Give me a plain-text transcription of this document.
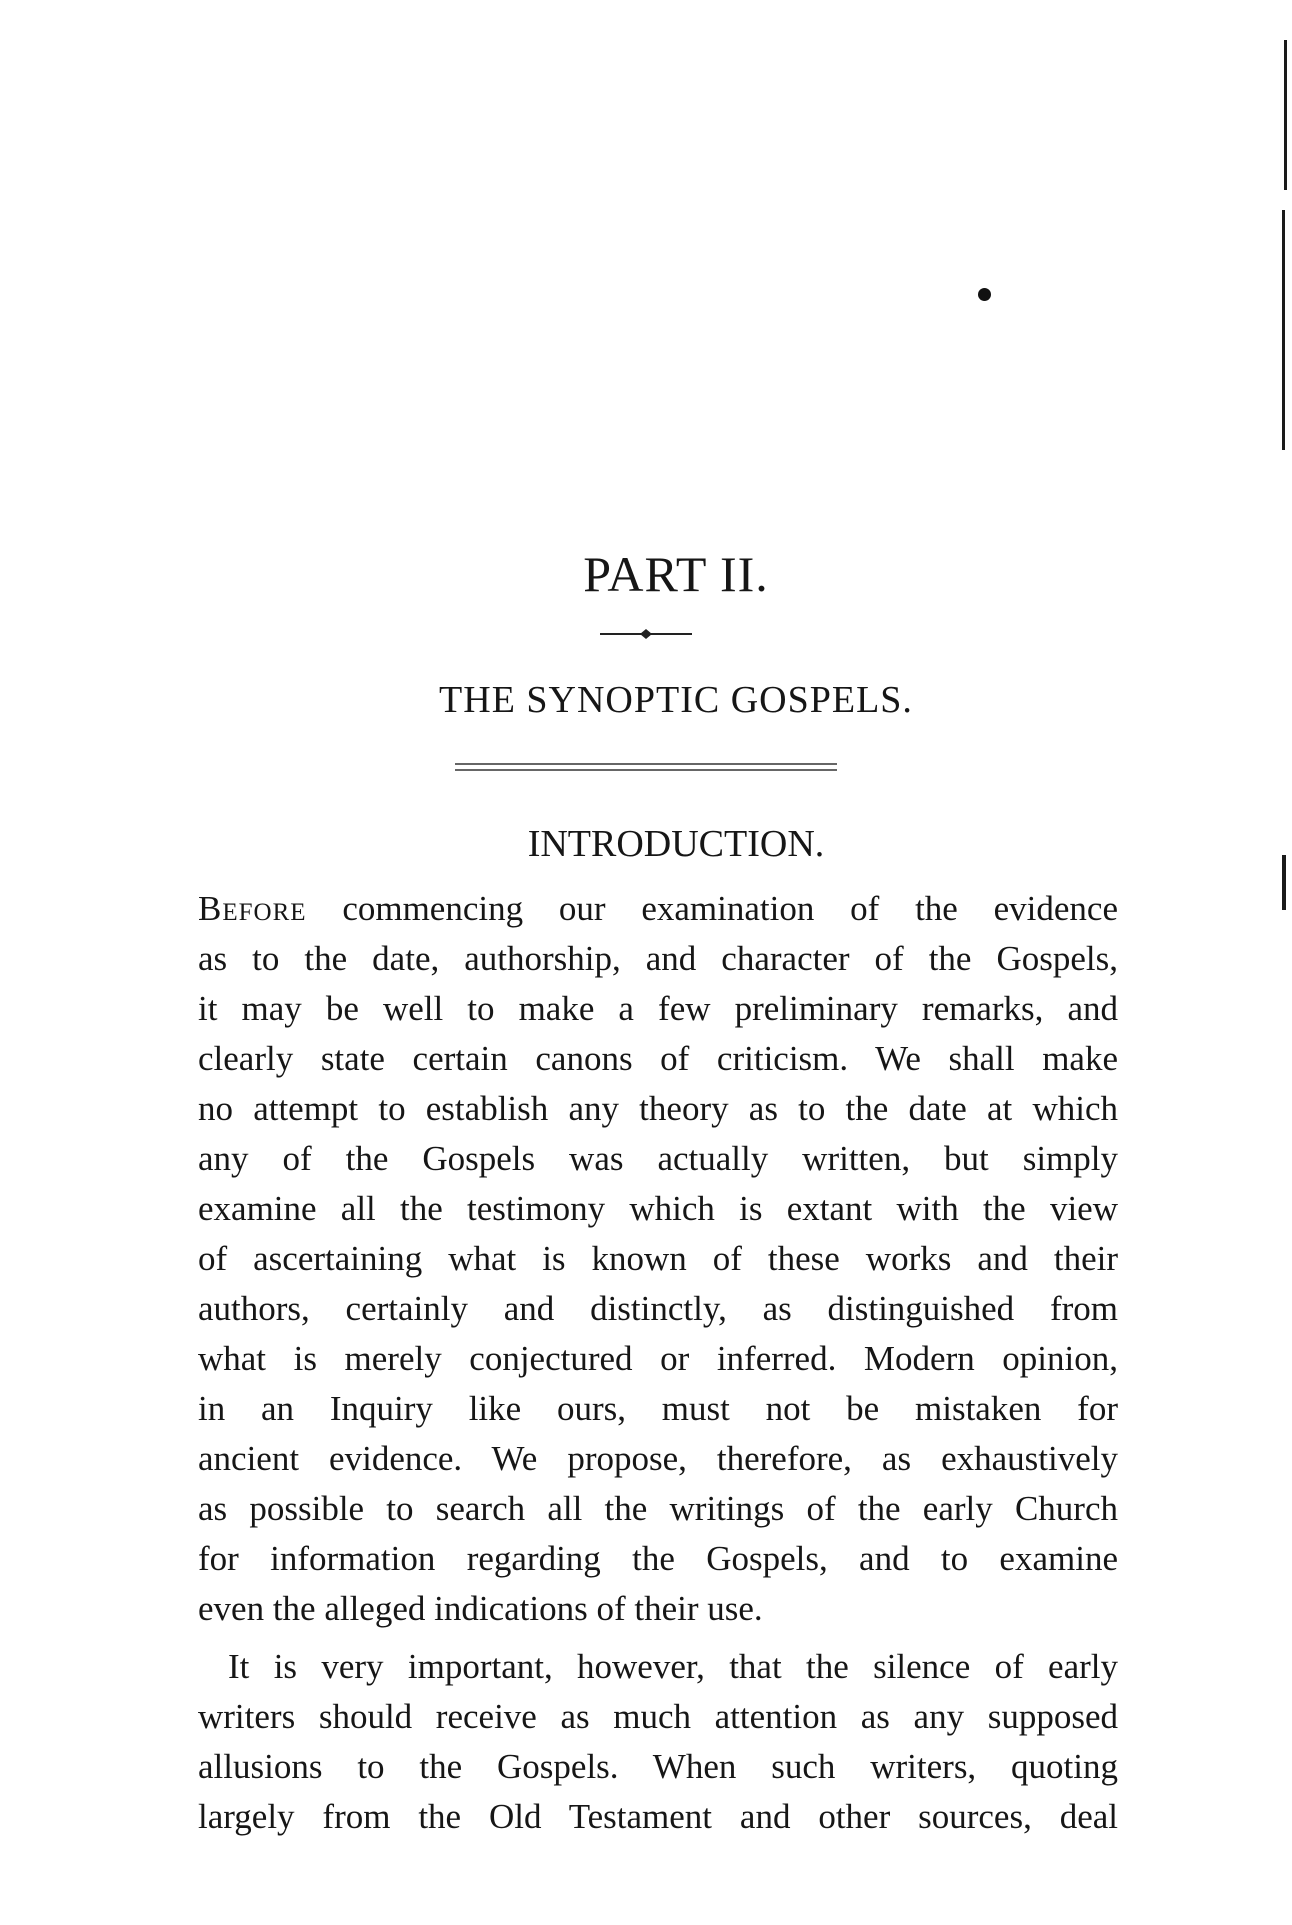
PART II.
THE SYNOPTIC GOSPELS.
INTRODUCTION.
Before commencing our examination of the evidence
as to the date, authorship, and character of the Gospels,
it may be well to make a few preliminary remarks, and
clearly state certain canons of criticism. We shall make
no attempt to establish any theory as to the date at which
any of the Gospels was actually written, but simply
examine all the testimony which is extant with the view
of ascertaining what is known of these works and their
authors, certainly and distinctly, as distinguished from
what is merely conjectured or inferred. Modern opinion,
in an Inquiry like ours, must not be mistaken for
ancient evidence. We propose, therefore, as exhaustively
as possible to search all the writings of the early Church
for information regarding the Gospels, and to examine
even the alleged indications of their use.
It is very important, however, that the silence of early
writers should receive as much attention as any supposed
allusions to the Gospels. When such writers, quoting
largely from the Old Testament and other sources, deal
